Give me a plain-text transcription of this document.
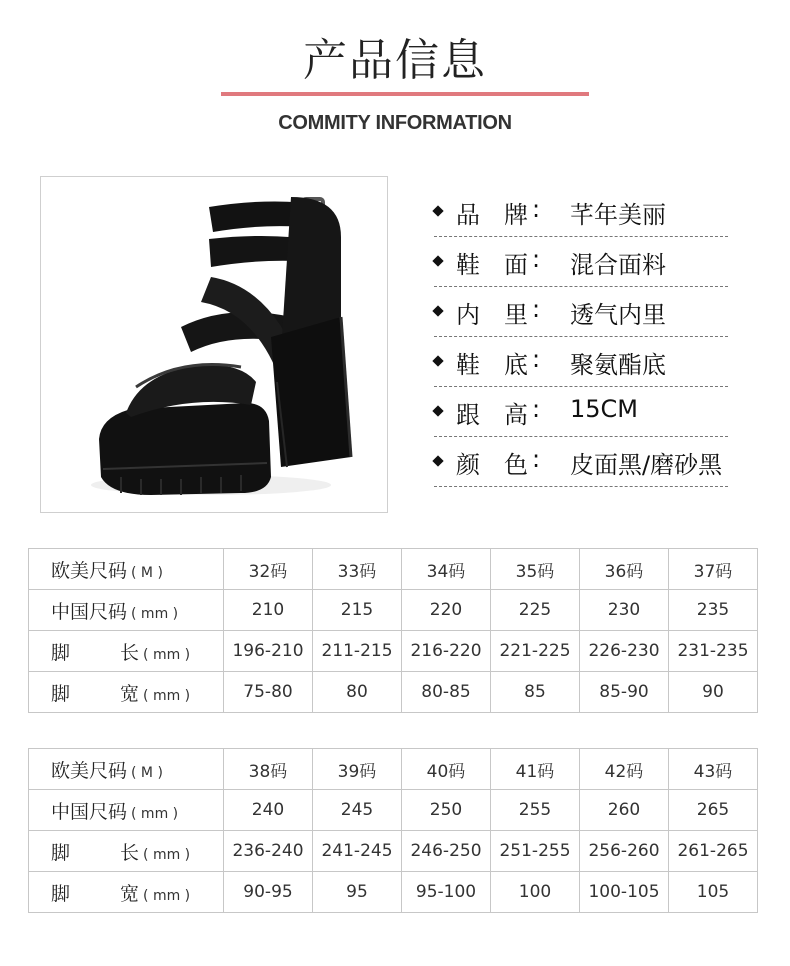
产品信息
COMMITY INFORMATION
品 牌 : 芊年美丽
鞋 面 : 混合面料
内 里 : 透气内里
鞋 底 : 聚氨酯底
跟 高 : 15CM
颜 色 : 皮面黑/磨砂黑
欧美尺码 ( M )	32码	33码	34码	35码	36码	37码
中国尺码 ( mm )	210	215	220	225	230	235
脚 长 ( mm )	196-210	211-215	216-220	221-225	226-230	231-235
脚 宽 ( mm )	75-80	80	80-85	85	85-90	90
欧美尺码 ( M )	38码	39码	40码	41码	42码	43码
中国尺码 ( mm )	240	245	250	255	260	265
脚 长 ( mm )	236-240	241-245	246-250	251-255	256-260	261-265
脚 宽 ( mm )	90-95	95	95-100	100	100-105	105
